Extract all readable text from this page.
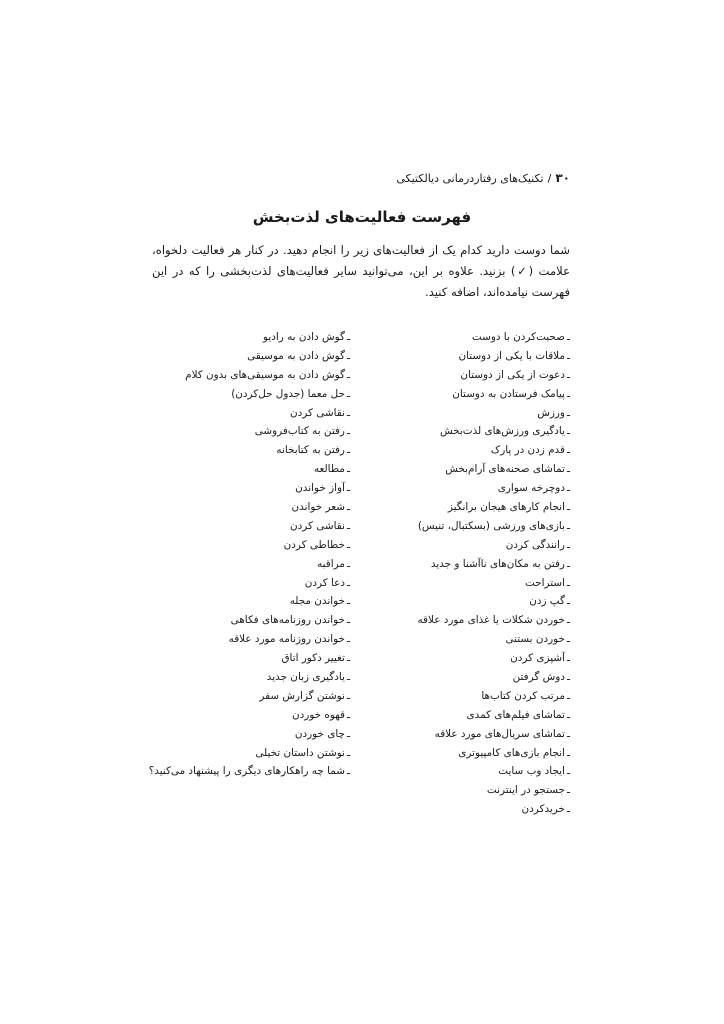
۳۰/تکنیک‌های رفتاردرمانی دیالکتیکی
فهرست فعالیت‌های لذت‌بخش

شما دوست دارید کدام یک از فعالیت‌های زیر را انجام دهید. در کنار هر فعالیت دلخواه، علامت (✓) بزنید. علاوه بر این، می‌توانید سایر فعالیت‌های لذت‌بخشی را که در این فهرست نیامده‌اند، اضافه کنید.

ـصحبت‌کردن با دوست
ـملاقات با یکی از دوستان
ـدعوت از یکی از دوستان
ـپیامک فرستادن به دوستان
ـورزش
ـیادگیری ورزش‌های لذت‌بخش
ـقدم زدن در پارک
ـتماشای صحنه‌های آرام‌بخش
ـدوچرخه سواری
ـانجام کارهای هیجان برانگیز
ـبازی‌های ورزشی (بسکتبال، تنیس)
ـرانندگی کردن
ـرفتن به مکان‌های ناآشنا و جدید
ـاستراحت
ـگپ زدن
ـخوردن شکلات یا غذای مورد علاقه
ـخوردن بستنی
ـآشپزی کردن
ـدوش گرفتن
ـمرتب کردن کتاب‌ها
ـتماشای فیلم‌های کمدی
ـتماشای سریال‌های مورد علاقه
ـانجام بازی‌های کامپیوتری
ـایجاد وب سایت
ـجستجو در اینترنت
ـخریدکردن
ـگوش دادن به رادیو
ـگوش دادن به موسیقی
ـگوش دادن به موسیقی‌های بدون کلام
ـحل معما (جدول حل‌کردن)
ـنقاشی کردن
ـرفتن به کتاب‌فروشی
ـرفتن به کتابخانه
ـمطالعه
ـآواز خواندن
ـشعر خواندن
ـنقاشی کردن
ـخطاطی کردن
ـمراقبه
ـدعا کردن
ـخواندن مجله
ـخواندن روزنامه‌های فکاهی
ـخواندن روزنامه مورد علاقه
ـتغییر دکور اتاق
ـیادگیری زبان جدید
ـنوشتن گزارش سفر
ـقهوه خوردن
ـچای خوردن
ـنوشتن داستان تخیلی
ـشما چه راهکارهای دیگری را پیشنهاد می‌کنید؟
